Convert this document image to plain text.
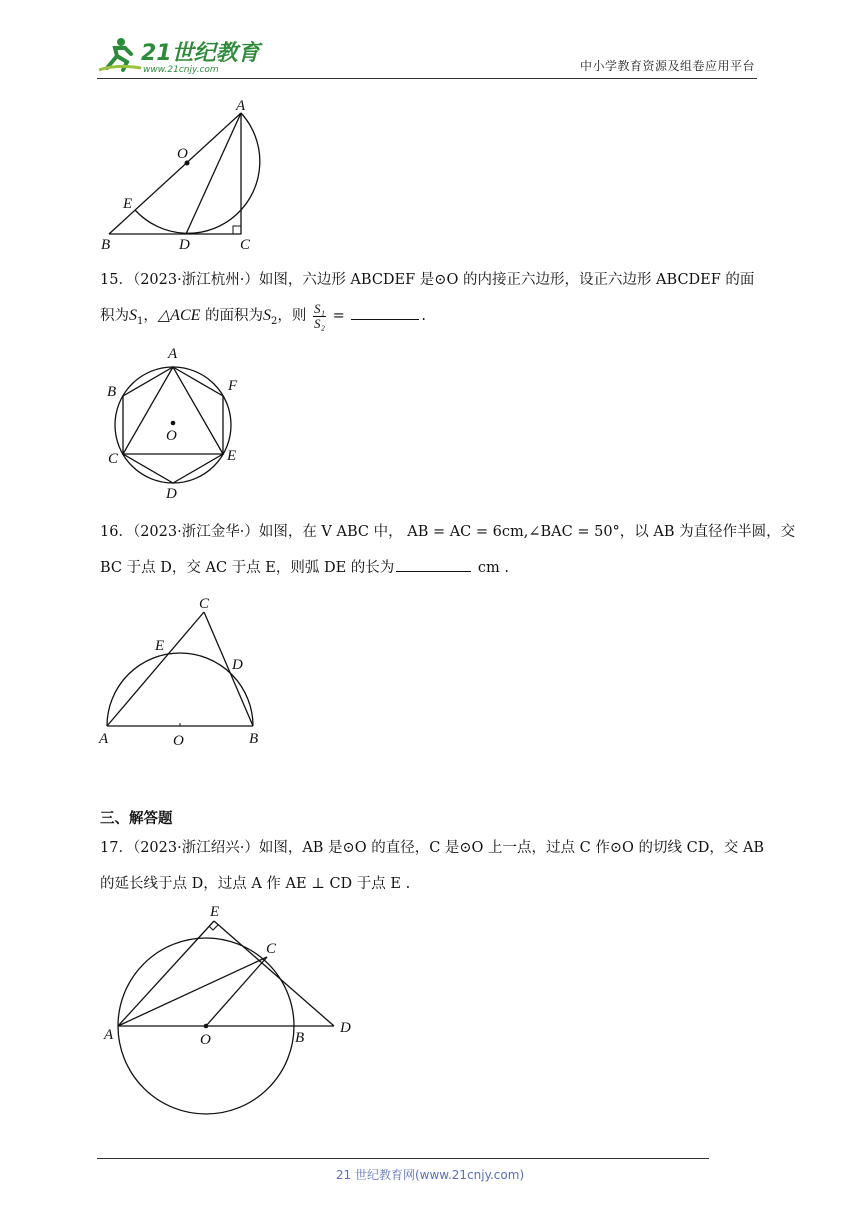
21世纪教育
www.21cnjy.com	中小学教育资源及组卷应用平台
A
O
E
B	D	C
15．（2023·浙江杭州·）如图，六边形 ABCDEF 是⊙O 的内接正六边形，设正六边形 ABCDEF 的面
积为$S_1$，△ACE 的面积为$S_2$，则 $\frac{\text{S₁}}{\text{S₂}}$ =	.
A
B	F
O
C	E
D
16．（2023·浙江金华·）如图，在 V ABC 中， AB = AC = 6cm,∠BAC = 50°，以 AB 为直径作半圆，交
BC 于点 D，交 AC 于点 E，则弧 DE 的长为	cm .
C
E
D
A	O	B
三、解答题
17．（2023·浙江绍兴·）如图，AB 是⊙O 的直径，C 是⊙O 上一点，过点 C 作⊙O 的切线 CD，交 AB
的延长线于点 D，过点 A 作 AE ⊥ CD 于点 E .
E
C
A	O	B
D
21 世纪教育网(www.21cnjy.com)
